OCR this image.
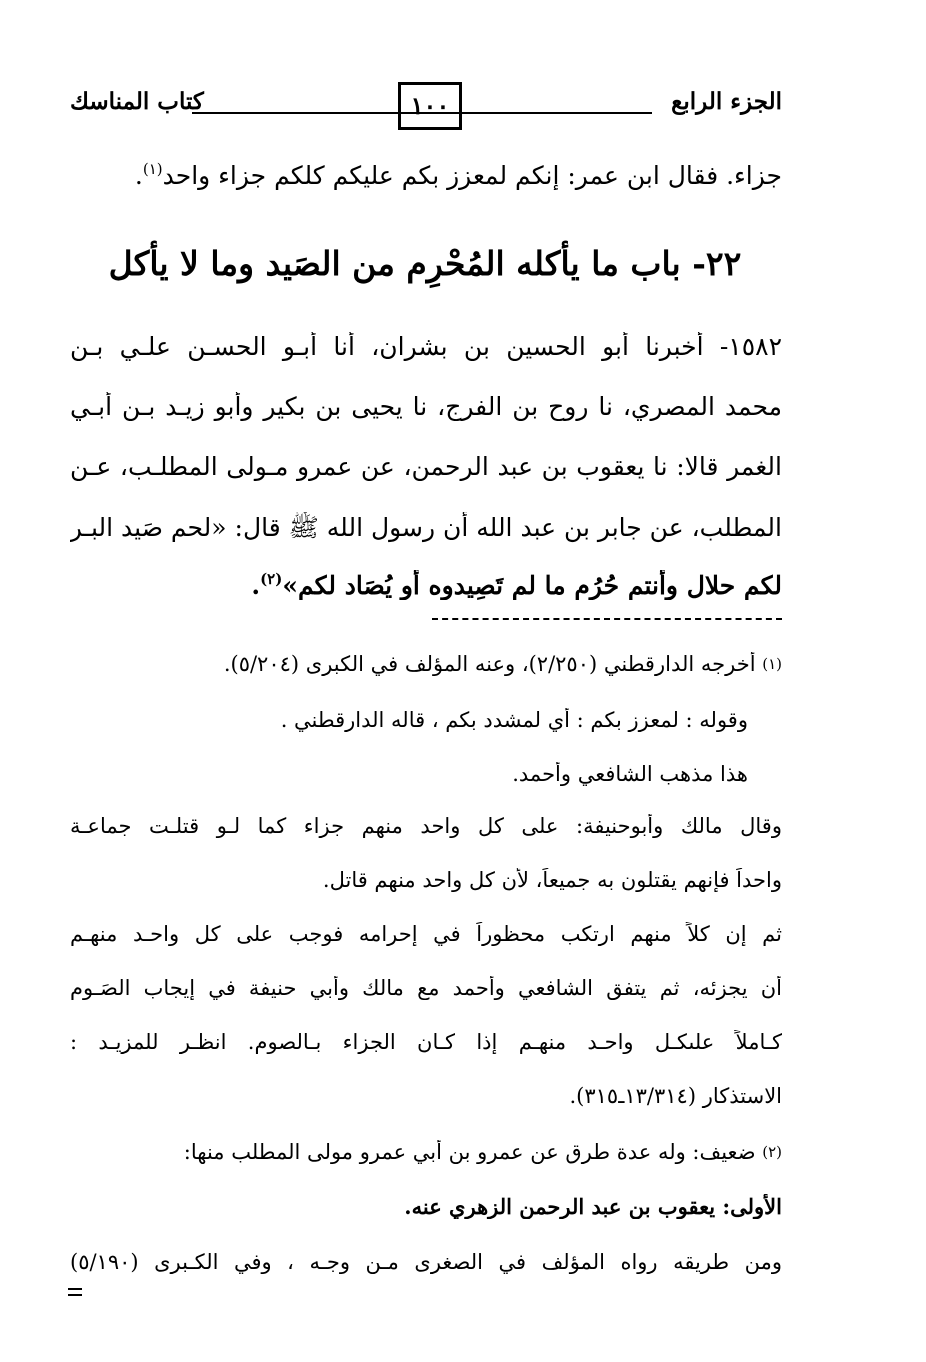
الجزء الرابع
١٠٠
كتاب المناسك
جزاء. فقال ابن عمر: إنكم لمعزز بكم عليكم كلكم جزاء واحد$^{(١)}$.
٢٢- باب ما يأكله المُحْرِم من الصَيد وما لا يأكل
١٥٨٢- أخبرنا أبو الحسين بن بشران، أنا أبـو الحسـن علـي بـن
محمد المصري، نا روح بن الفرج، نا يحيى بن بكير وأبو زيـد بـن أبـي
الغمر قالا: نا يعقوب بن عبد الرحمن، عن عمرو مـولى المطلـب، عـن
المطلب، عن جابر بن عبد الله أن رسول الله ﷺ قال: «لحم صَيد البـر
لكم حلال وأنتم حُرُم ما لم تَصِيدوه أو يُصَاد لكم»$^{(٢)}$.
(١) أخرجه الدارقطني (٢/٢٥٠)، وعنه المؤلف في الكبرى (٥/٢٠٤).
وقوله : لمعزز بكم : أي لمشدد بكم ، قاله الدارقطني .
هذا مذهب الشافعي وأحمد.
وقال مالك وأبوحنيفة: على كل واحد منهم جزاء كما لـو قتلـت جماعـة
واحداً فإنهم يقتلون به جميعاً، لأن كل واحد منهم قاتل.
ثم إن كلاً منهم ارتكب محظوراً في إحرامه فوجب على كل واحـد منهـم
أن يجزئه، ثم يتفق الشافعي وأحمد مع مالك وأبي حنيفة في إيجاب الصَـوم
كـاملاً علىكـل واحـد منهـم إذا كـان الجزاء بـالصوم. انظـر للمزيـد :
الاستذكار (١٣/٣١٤ـ٣١٥).
(٢) ضعيف: وله عدة طرق عن عمرو بن أبي عمرو مولى المطلب منها:
الأولى: يعقوب بن عبد الرحمن الزهري عنه.
ومن طريقه رواه المؤلف في الصغرى مـن وجـه ، وفي الكـبرى (٥/١٩٠)
